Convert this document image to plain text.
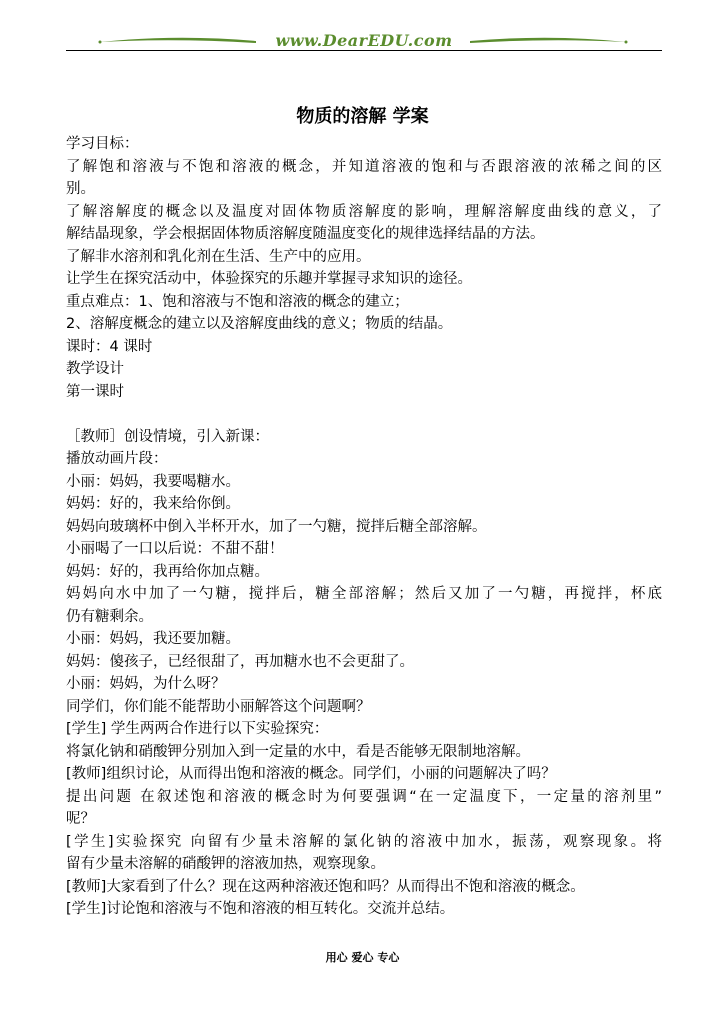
www.DearEDU.com
物质的溶解 学案
学习目标：
了解饱和溶液与不饱和溶液的概念，并知道溶液的饱和与否跟溶液的浓稀之间的区
别。
了解溶解度的概念以及温度对固体物质溶解度的影响，理解溶解度曲线的意义，了
解结晶现象，学会根据固体物质溶解度随温度变化的规律选择结晶的方法。
了解非水溶剂和乳化剂在生活、生产中的应用。
让学生在探究活动中，体验探究的乐趣并掌握寻求知识的途径。
重点难点：1、饱和溶液与不饱和溶液的概念的建立；
2、溶解度概念的建立以及溶解度曲线的意义；物质的结晶。
课时：4 课时
教学设计
第一课时
［教师］创设情境，引入新课：
播放动画片段：
小丽：妈妈，我要喝糖水。
妈妈：好的，我来给你倒。
妈妈向玻璃杯中倒入半杯开水，加了一勺糖，搅拌后糖全部溶解。
小丽喝了一口以后说：不甜不甜！
妈妈：好的，我再给你加点糖。
妈妈向水中加了一勺糖，搅拌后，糖全部溶解；然后又加了一勺糖，再搅拌，杯底
仍有糖剩余。
小丽：妈妈，我还要加糖。
妈妈：傻孩子，已经很甜了，再加糖水也不会更甜了。
小丽：妈妈，为什么呀？
同学们，你们能不能帮助小丽解答这个问题啊？
[学生] 学生两两合作进行以下实验探究：
将氯化钠和硝酸钾分别加入到一定量的水中，看是否能够无限制地溶解。
[教师]组织讨论，从而得出饱和溶液的概念。同学们，小丽的问题解决了吗？
提出问题 在叙述饱和溶液的概念时为何要强调“在一定温度下，一定量的溶剂里”
呢？
[学生]实验探究 向留有少量未溶解的氯化钠的溶液中加水，振荡，观察现象。将
留有少量未溶解的硝酸钾的溶液加热，观察现象。
[教师]大家看到了什么？现在这两种溶液还饱和吗？从而得出不饱和溶液的概念。
[学生]讨论饱和溶液与不饱和溶液的相互转化。交流并总结。
用心 爱心 专心
